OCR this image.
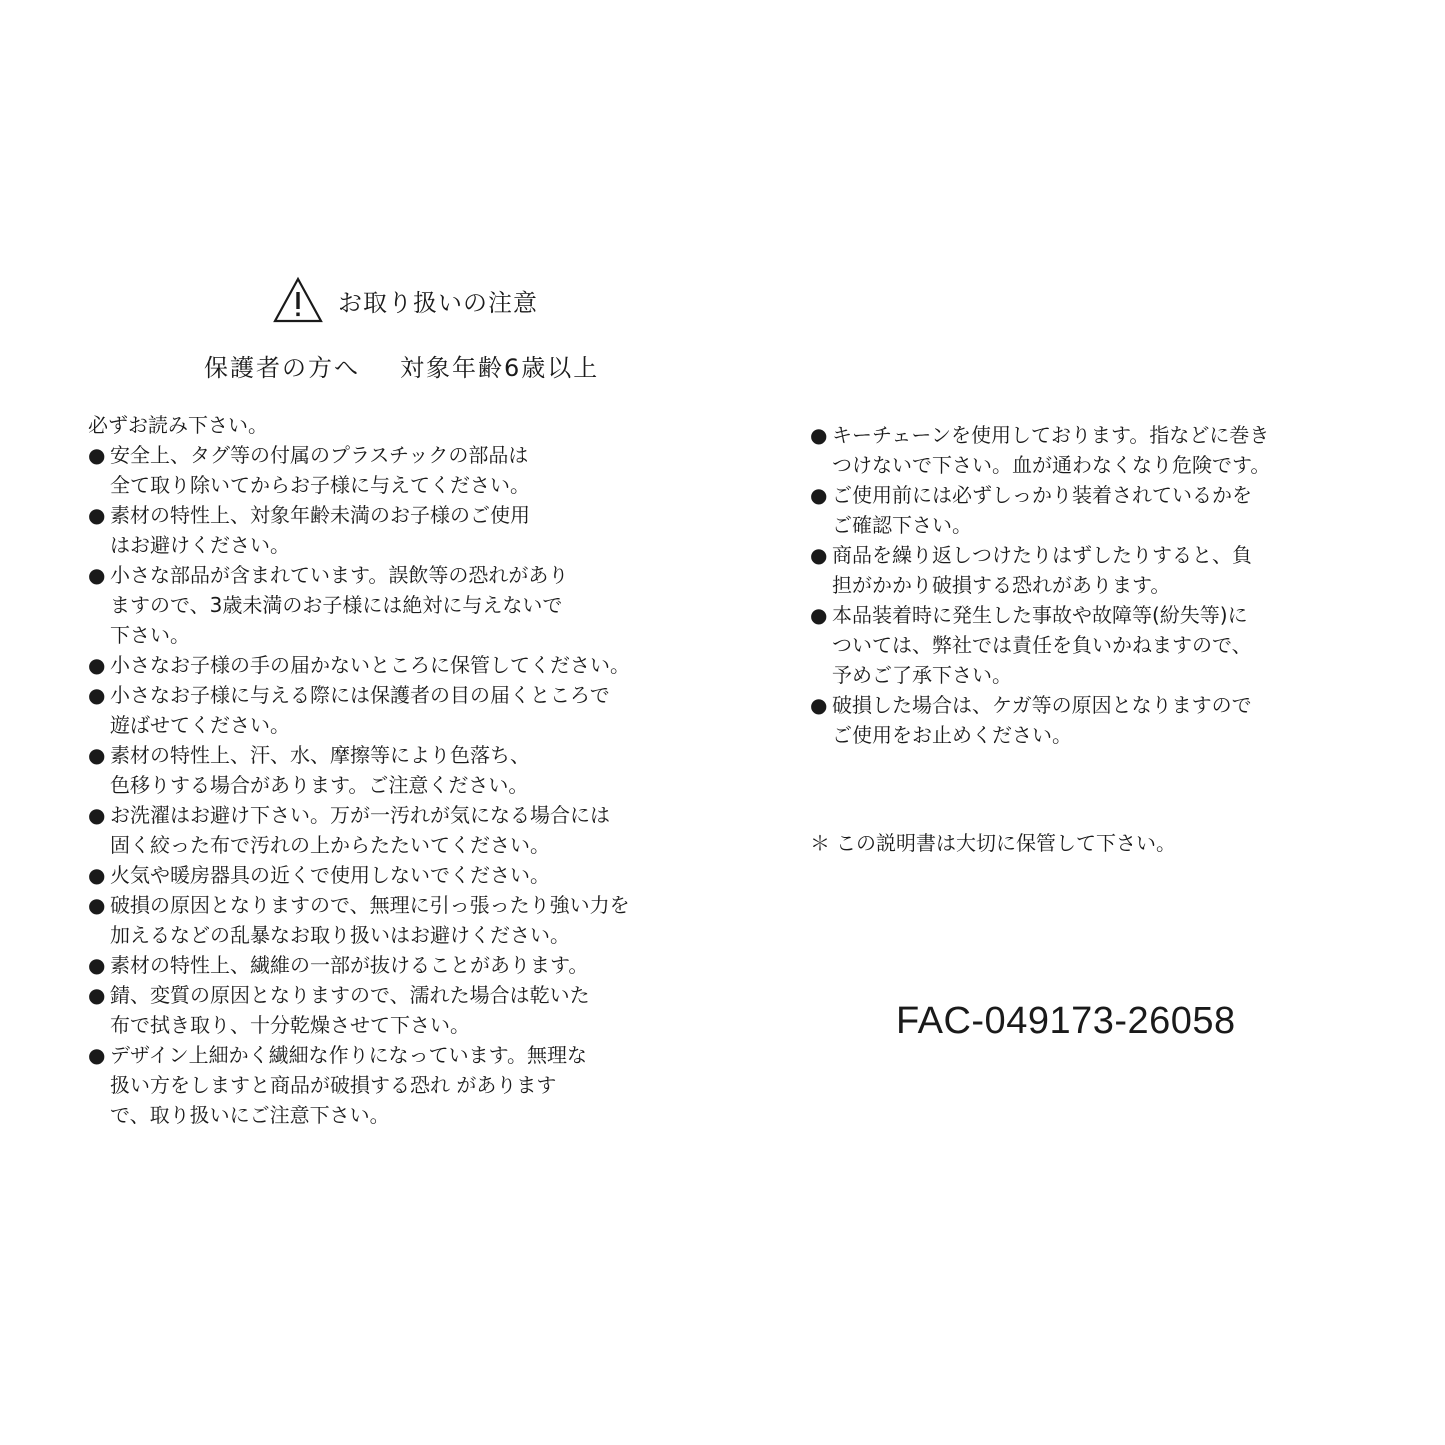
お取り扱いの注意
保護者の方へ 対象年齢6歳以上
必ずお読み下さい。
● 安全上、タグ等の付属のプラスチックの部品は
全て取り除いてからお子様に与えてください。
● 素材の特性上、対象年齢未満のお子様のご使用
はお避けください。
● 小さな部品が含まれています。誤飲等の恐れがあり
ますので、3歳未満のお子様には絶対に与えないで
下さい。
● 小さなお子様の手の届かないところに保管してください。
● 小さなお子様に与える際には保護者の目の届くところで
遊ばせてください。
● 素材の特性上、汗、水、摩擦等により色落ち、
色移りする場合があります。ご注意ください。
● お洗濯はお避け下さい。万が一汚れが気になる場合には
固く絞った布で汚れの上からたたいてください。
● 火気や暖房器具の近くで使用しないでください。
● 破損の原因となりますので、無理に引っ張ったり強い力を
加えるなどの乱暴なお取り扱いはお避けください。
● 素材の特性上、繊維の一部が抜けることがあります。
● 錆、変質の原因となりますので、濡れた場合は乾いた
布で拭き取り、十分乾燥させて下さい。
● デザイン上細かく繊細な作りになっています。無理な
扱い方をしますと商品が破損する恐れ があります
で、取り扱いにご注意下さい。
● キーチェーンを使用しております。指などに巻き
つけないで下さい。血が通わなくなり危険です。
● ご使用前には必ずしっかり装着されているかを
ご確認下さい。
● 商品を繰り返しつけたりはずしたりすると、負
担がかかり破損する恐れがあります。
● 本品装着時に発生した事故や故障等(紛失等)に
ついては、弊社では責任を負いかねますので、
予めご了承下さい。
● 破損した場合は、ケガ等の原因となりますので
ご使用をお止めください。
＊ この説明書は大切に保管して下さい。
FAC-049173-26058
